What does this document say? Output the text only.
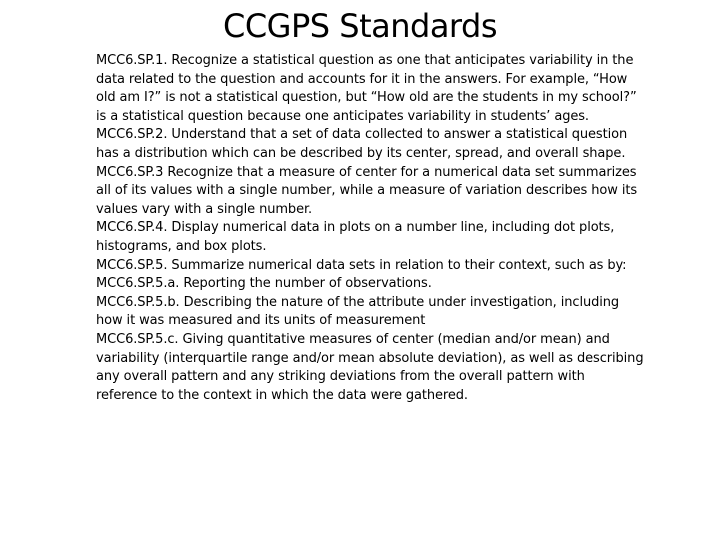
CCGPS Standards

MCC6.SP.1. Recognize a statistical question as one that anticipates variability in the data related to the question and accounts for it in the answers. For example, “How old am I?” is not a statistical question, but “How old are the students in my school?” is a statistical question because one anticipates variability in students’ ages.

MCC6.SP.2. Understand that a set of data collected to answer a statistical question has a distribution which can be described by its center, spread, and overall shape.

MCC6.SP.3 Recognize that a measure of center for a numerical data set summarizes all of its values with a single number, while a measure of variation describes how its values vary with a single number.

MCC6.SP.4. Display numerical data in plots on a number line, including dot plots, histograms, and box plots.

MCC6.SP.5. Summarize numerical data sets in relation to their context, such as by:

MCC6.SP.5.a. Reporting the number of observations.

MCC6.SP.5.b. Describing the nature of the attribute under investigation, including how it was measured and its units of measurement

MCC6.SP.5.c. Giving quantitative measures of center (median and/or mean) and variability (interquartile range and/or mean absolute deviation), as well as describing any overall pattern and any striking deviations from the overall pattern with reference to the context in which the data were gathered.
